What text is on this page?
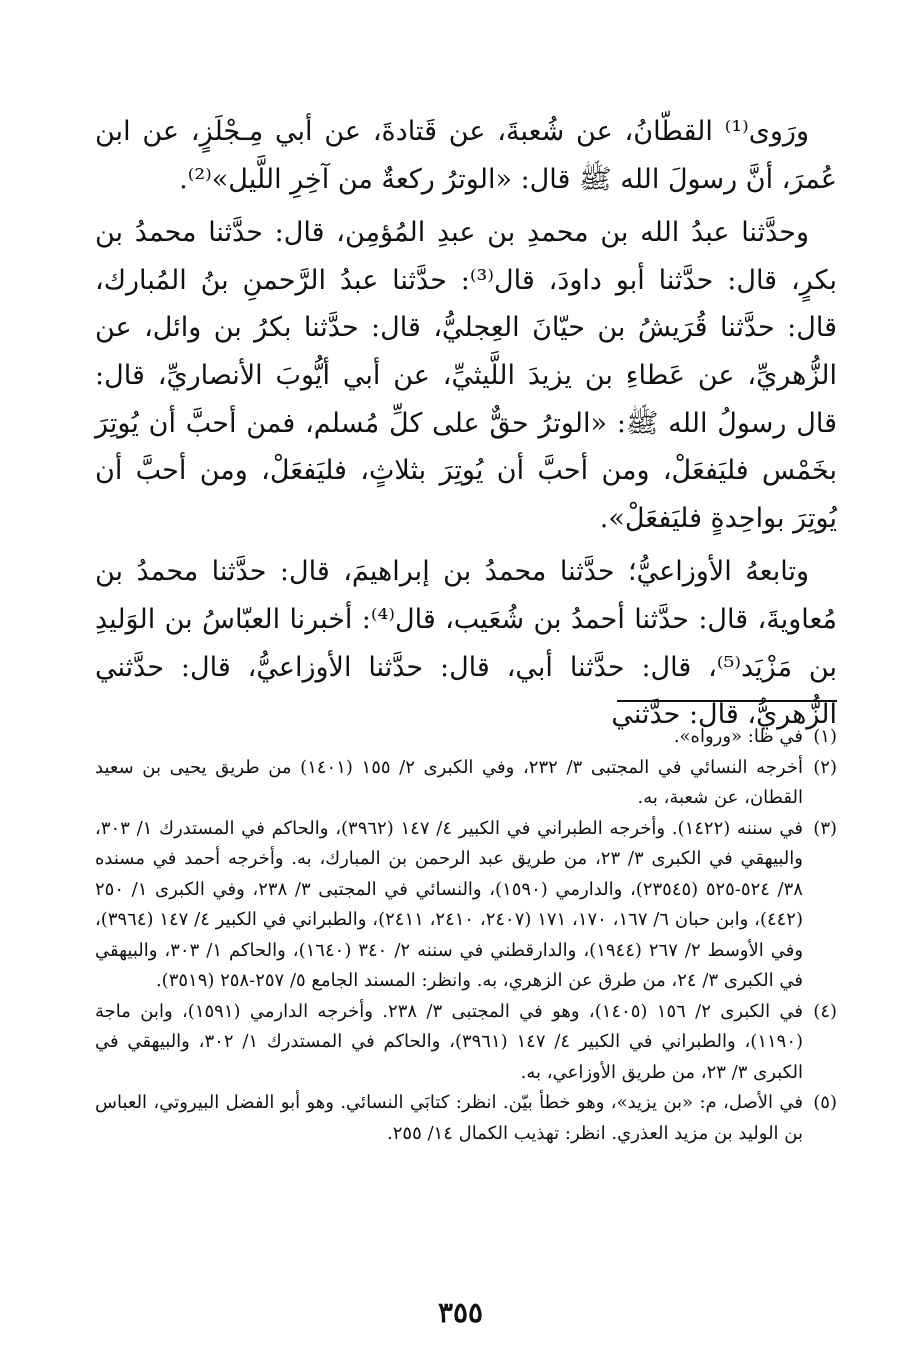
ورَوى⁽¹⁾ القطّانُ، عن شُعبةَ، عن قَتادةَ، عن أبي مِـجْلَزٍ، عن ابن عُمرَ، أنَّ رسولَ الله ﷺ قال: «الوترُ ركعةٌ من آخِرِ اللَّيل»⁽²⁾.

وحدَّثنا عبدُ الله بن محمدِ بن عبدِ المُؤمِن، قال: حدَّثنا محمدُ بن بكرٍ، قال: حدَّثنا أبو داودَ، قال⁽³⁾: حدَّثنا عبدُ الرَّحمنِ بنُ المُبارك، قال: حدَّثنا قُرَيشُ بن حيّانَ العِجليُّ، قال: حدَّثنا بكرُ بن وائل، عن الزُّهريِّ، عن عَطاءِ بن يزيدَ اللَّيثيِّ، عن أبي أيُّوبَ الأنصاريِّ، قال: قال رسولُ الله ﷺ: «الوترُ حقٌّ على كلِّ مُسلم، فمن أحبَّ أن يُوتِرَ بخَمْس فليَفعَلْ، ومن أحبَّ أن يُوتِرَ بثلاثٍ، فليَفعَلْ، ومن أحبَّ أن يُوتِرَ بواحِدةٍ فليَفعَلْ».

وتابعهُ الأوزاعيُّ؛ حدَّثنا محمدُ بن إبراهيمَ، قال: حدَّثنا محمدُ بن مُعاويةَ، قال: حدَّثنا أحمدُ بن شُعَيب، قال⁽⁴⁾: أخبرنا العبّاسُ بن الوَليدِ بن مَزْيَد⁽⁵⁾، قال: حدَّثنا أبي، قال: حدَّثنا الأوزاعيُّ، قال: حدَّثني الزُّهريُّ، قال: حدَّثني

(١)في ظا: «ورواه».

(٢)أخرجه النسائي في المجتبى ٣/ ٢٣٢، وفي الكبرى ٢/ ١٥٥ (١٤٠١) من طريق يحيى بن سعيد القطان، عن شعبة، به.

(٣)في سننه (١٤٢٢). وأخرجه الطبراني في الكبير ٤/ ١٤٧ (٣٩٦٢)، والحاكم في المستدرك ١/ ٣٠٣، والبيهقي في الكبرى ٣/ ٢٣، من طريق عبد الرحمن بن المبارك، به. وأخرجه أحمد في مسنده ٣٨/ ٥٢٤-٥٢٥ (٢٣٥٤٥)، والدارمي (١٥٩٠)، والنسائي في المجتبى ٣/ ٢٣٨، وفي الكبرى ١/ ٢٥٠ (٤٤٢)، وابن حبان ٦/ ١٦٧، ١٧٠، ١٧١ (٢٤٠٧، ٢٤١٠، ٢٤١١)، والطبراني في الكبير ٤/ ١٤٧ (٣٩٦٤)، وفي الأوسط ٢/ ٢٦٧ (١٩٤٤)، والدارقطني في سننه ٢/ ٣٤٠ (١٦٤٠)، والحاكم ١/ ٣٠٣، والبيهقي في الكبرى ٣/ ٢٤، من طرق عن الزهري، به. وانظر: المسند الجامع ٥/ ٢٥٧-٢٥٨ (٣٥١٩).

(٤)في الكبرى ٢/ ١٥٦ (١٤٠٥)، وهو في المجتبى ٣/ ٢٣٨. وأخرجه الدارمي (١٥٩١)، وابن ماجة (١١٩٠)، والطبراني في الكبير ٤/ ١٤٧ (٣٩٦١)، والحاكم في المستدرك ١/ ٣٠٢، والبيهقي في الكبرى ٣/ ٢٣، من طريق الأوزاعي، به.

(٥)في الأصل، م: «بن يزيد»، وهو خطأ بيّن. انظر: كتابَي النسائي. وهو أبو الفضل البيروتي، العباس بن الوليد بن مزيد العذري. انظر: تهذيب الكمال ١٤/ ٢٥٥.

٣٥٥
